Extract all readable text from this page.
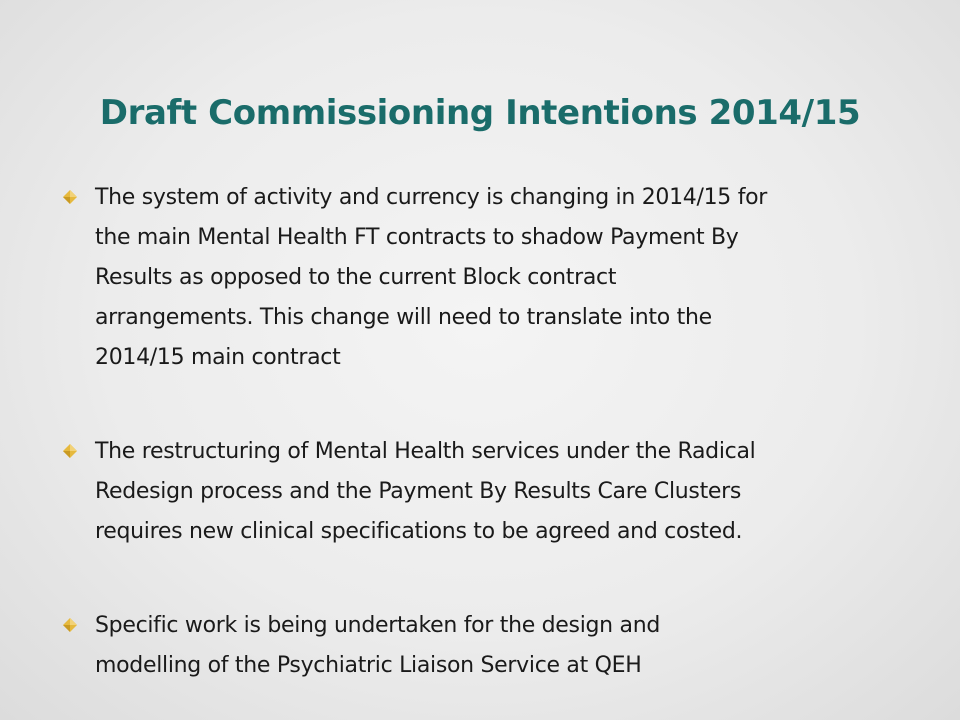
Draft Commissioning Intentions 2014/15
The system of activity and currency is changing in 2014/15 for
the main Mental Health FT contracts to shadow Payment By
Results as opposed to the current Block contract
arrangements. This change will need to translate into the
2014/15 main contract
The restructuring of Mental Health services under the Radical
Redesign process and the Payment By Results Care Clusters
requires new clinical specifications to be agreed and costed.
Specific work is being undertaken for the design and
modelling of the Psychiatric Liaison Service at QEH
